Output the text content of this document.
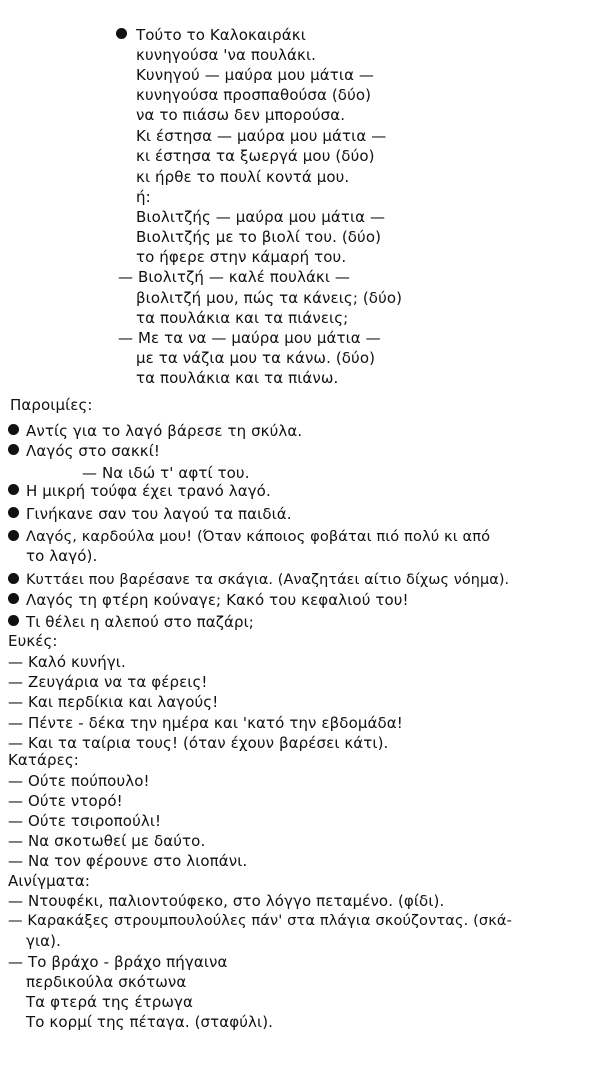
Τούτο το Καλοκαιράκι
κυνηγούσα 'να πουλάκι.
Κυνηγού — μαύρα μου μάτια —
κυνηγούσα προσπαθούσα (δύο)
να το πιάσω δεν μπορούσα.
Κι έστησα — μαύρα μου μάτια —
κι έστησα τα ξωεργά μου (δύο)
κι ήρθε το πουλί κοντά μου.
ή:
Βιολιτζής — μαύρα μου μάτια —
Βιολιτζής με το βιολί του. (δύο)
το ήφερε στην κάμαρή του.
— Βιολιτζή — καλέ πουλάκι —
βιολιτζή μου, πώς τα κάνεις; (δύο)
τα πουλάκια και τα πιάνεις;
— Με τα να — μαύρα μου μάτια —
με τα νάζια μου τα κάνω. (δύο)
τα πουλάκια και τα πιάνω.
Παροιμίες:
Αντίς για το λαγό βάρεσε τη σκύλα.
Λαγός στο σακκί!
— Να ιδώ τ' αφτί του.
Η μικρή τούφα έχει τρανό λαγό.
Γινήκανε σαν του λαγού τα παιδιά.
Λαγός, καρδούλα μου! (Όταν κάποιος φοβάται πιό πολύ κι από
το λαγό).
Κυττάει που βαρέσανε τα σκάγια. (Αναζητάει αίτιο δίχως νόημα).
Λαγός τη φτέρη κούναγε; Κακό του κεφαλιού του!
Τι θέλει η αλεπού στο παζάρι;
Ευκές:
— Καλό κυνήγι.
— Ζευγάρια να τα φέρεις!
— Και περδίκια και λαγούς!
— Πέντε - δέκα την ημέρα και 'κατό την εβδομάδα!
— Και τα ταίρια τους! (όταν έχουν βαρέσει κάτι).
Κατάρες:
— Ούτε πούπουλο!
— Ούτε ντορό!
— Ούτε τσιροπούλι!
— Να σκοτωθεί με δαύτο.
— Να τον φέρουνε στο λιοπάνι.
Αινίγματα:
— Ντουφέκι, παλιοντούφεκο, στο λόγγο πεταμένο. (φίδι).
— Καρακάξες στρουμπουλούλες πάν' στα πλάγια σκούζοντας. (σκά-
για).
— Το βράχο - βράχο πήγαινα
περδικούλα σκότωνα
Τα φτερά της έτρωγα
Το κορμί της πέταγα. (σταφύλι).
